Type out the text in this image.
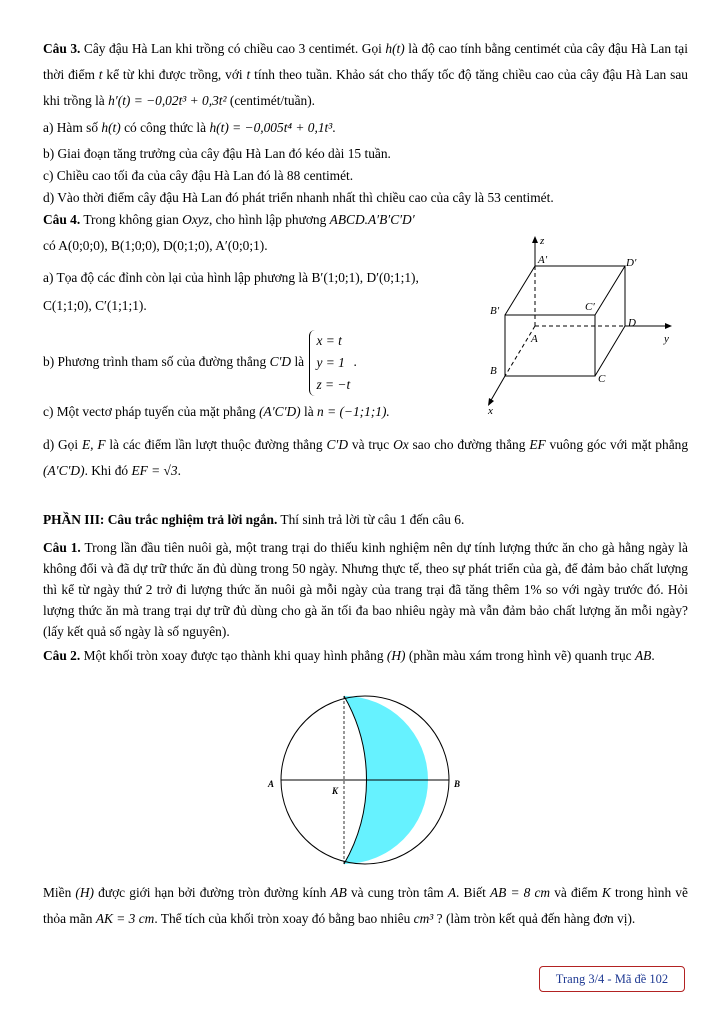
Câu 3. Cây đậu Hà Lan khi trồng có chiều cao 3 centimét. Gọi h(t) là độ cao tính bằng centimét của cây đậu Hà Lan tại thời điểm t kể từ khi được trồng, với t tính theo tuần. Khảo sát cho thấy tốc độ tăng chiều cao của cây đậu Hà Lan sau khi trồng là h′(t) = −0,02t³ + 0,3t² (centimét/tuần).
a) Hàm số h(t) có công thức là h(t) = −0,005t⁴ + 0,1t³.
b) Giai đoạn tăng trưởng của cây đậu Hà Lan đó kéo dài 15 tuần.
c) Chiều cao tối đa của cây đậu Hà Lan đó là 88 centimét.
d) Vào thời điểm cây đậu Hà Lan đó phát triển nhanh nhất thì chiều cao của cây là 53 centimét.
Câu 4. Trong không gian Oxyz, cho hình lập phương ABCD.A′B′C′D′
có A(0;0;0), B(1;0;0), D(0;1;0), A′(0;0;1).
a) Tọa độ các đỉnh còn lại của hình lập phương là B′(1;0;1), D′(0;1;1),
C(1;1;0), C′(1;1;1).
b) Phương trình tham số của đường thẳng C′D là
x = t
y = 1
z = −t
.
c) Một vectơ pháp tuyến của mặt phẳng (A′C′D) là n = (−1;1;1).
d) Gọi E, F là các điểm lần lượt thuộc đường thẳng C′D và trục Ox sao cho đường thẳng EF vuông góc với mặt phẳng (A′C′D). Khi đó EF = √3.
z
y
x
A
B
C
D
A′
B′	C′
D′
PHẦN III: Câu trắc nghiệm trả lời ngắn. Thí sinh trả lời từ câu 1 đến câu 6.
Câu 1. Trong lần đầu tiên nuôi gà, một trang trại do thiếu kinh nghiệm nên dự tính lượng thức ăn cho gà hằng ngày là không đổi và đã dự trữ thức ăn đủ dùng trong 50 ngày. Nhưng thực tế, theo sự phát triển của gà, để đảm bảo chất lượng thì kể từ ngày thứ 2 trở đi lượng thức ăn nuôi gà mỗi ngày của trang trại đã tăng thêm 1% so với ngày trước đó. Hỏi lượng thức ăn mà trang trại dự trữ đủ dùng cho gà ăn tối đa bao nhiêu ngày mà vẫn đảm bảo chất lượng ăn mỗi ngày? (lấy kết quả số ngày là số nguyên).
Câu 2. Một khối tròn xoay được tạo thành khi quay hình phẳng (H) (phần màu xám trong hình vẽ) quanh trục AB.
A	B
K
Miền (H) được giới hạn bởi đường tròn đường kính AB và cung tròn tâm A. Biết AB = 8 cm và điểm K trong hình vẽ thỏa mãn AK = 3 cm. Thể tích của khối tròn xoay đó bằng bao nhiêu cm³ ? (làm tròn kết quả đến hàng đơn vị).
Trang 3/4 - Mã đề 102
